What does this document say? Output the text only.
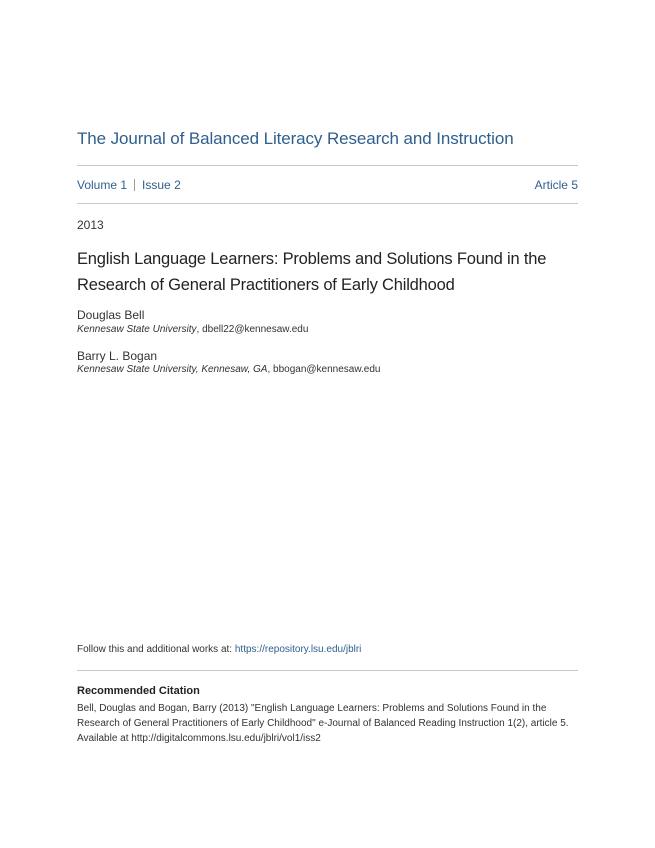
The Journal of Balanced Literacy Research and Instruction
Volume 1 Issue 2	Article 5
2013
English Language Learners: Problems and Solutions Found in the Research of General Practitioners of Early Childhood
Douglas Bell
Kennesaw State University, dbell22@kennesaw.edu
Barry L. Bogan
Kennesaw State University, Kennesaw, GA, bbogan@kennesaw.edu
Follow this and additional works at: https://repository.lsu.edu/jblri
Recommended Citation
Bell, Douglas and Bogan, Barry (2013) "English Language Learners: Problems and Solutions Found in the Research of General Practitioners of Early Childhood" e-Journal of Balanced Reading Instruction 1(2), article 5. Available at http://digitalcommons.lsu.edu/jblri/vol1/iss2
